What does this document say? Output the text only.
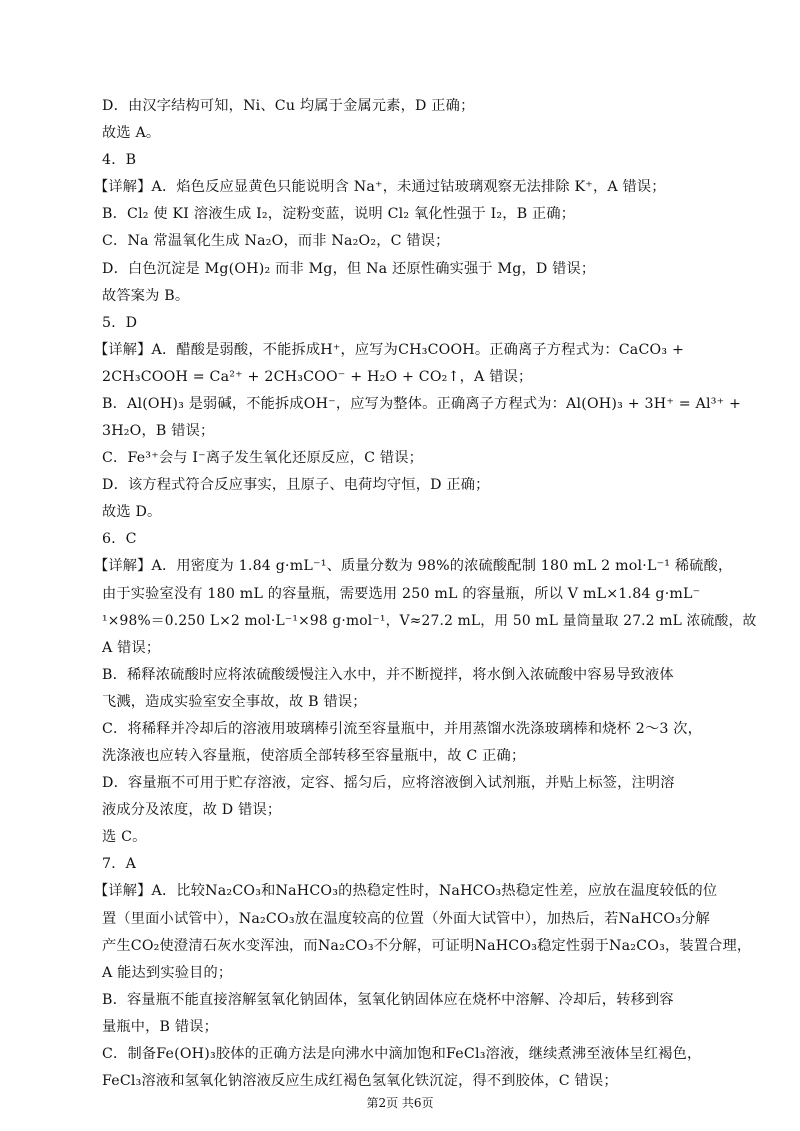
D．由汉字结构可知，Ni、Cu 均属于金属元素，D 正确；
故选 A。
4．B
【详解】A．焰色反应显黄色只能说明含 Na⁺，未通过钴玻璃观察无法排除 K⁺，A 错误；
B．Cl₂ 使 KI 溶液生成 I₂，淀粉变蓝，说明 Cl₂ 氧化性强于 I₂，B 正确；
C．Na 常温氧化生成 Na₂O，而非 Na₂O₂，C 错误；
D．白色沉淀是 Mg(OH)₂ 而非 Mg，但 Na 还原性确实强于 Mg，D 错误；
故答案为 B。
5．D
【详解】A．醋酸是弱酸，不能拆成H⁺，应写为CH₃COOH。正确离子方程式为：CaCO₃ +
2CH₃COOH = Ca²⁺ + 2CH₃COO⁻ + H₂O + CO₂↑，A 错误；
B．Al(OH)₃ 是弱碱，不能拆成OH⁻，应写为整体。正确离子方程式为：Al(OH)₃ + 3H⁺ = Al³⁺ +
3H₂O，B 错误；
C．Fe³⁺会与 I⁻离子发生氧化还原反应，C 错误；
D．该方程式符合反应事实，且原子、电荷均守恒，D 正确；
故选 D。
6．C
【详解】A．用密度为 1.84 g·mL⁻¹、质量分数为 98%的浓硫酸配制 180 mL 2 mol·L⁻¹ 稀硫酸，
由于实验室没有 180 mL 的容量瓶，需要选用 250 mL 的容量瓶，所以 V mL×1.84 g·mL⁻
¹×98%＝0.250 L×2 mol·L⁻¹×98 g·mol⁻¹，V≈27.2 mL，用 50 mL 量筒量取 27.2 mL 浓硫酸，故
A 错误；
B．稀释浓硫酸时应将浓硫酸缓慢注入水中，并不断搅拌，将水倒入浓硫酸中容易导致液体
飞溅，造成实验室安全事故，故 B 错误；
C．将稀释并冷却后的溶液用玻璃棒引流至容量瓶中，并用蒸馏水洗涤玻璃棒和烧杯 2～3 次，
洗涤液也应转入容量瓶，使溶质全部转移至容量瓶中，故 C 正确；
D．容量瓶不可用于贮存溶液，定容、摇匀后，应将溶液倒入试剂瓶，并贴上标签，注明溶
液成分及浓度，故 D 错误；
选 C。
7．A
【详解】A．比较Na₂CO₃和NaHCO₃的热稳定性时，NaHCO₃热稳定性差，应放在温度较低的位
置（里面小试管中），Na₂CO₃放在温度较高的位置（外面大试管中），加热后，若NaHCO₃分解
产生CO₂使澄清石灰水变浑浊，而Na₂CO₃不分解，可证明NaHCO₃稳定性弱于Na₂CO₃，装置合理，
A 能达到实验目的；
B．容量瓶不能直接溶解氢氧化钠固体，氢氧化钠固体应在烧杯中溶解、冷却后，转移到容
量瓶中，B 错误；
C．制备Fe(OH)₃胶体的正确方法是向沸水中滴加饱和FeCl₃溶液，继续煮沸至液体呈红褐色，
FeCl₃溶液和氢氧化钠溶液反应生成红褐色氢氧化铁沉淀，得不到胶体，C 错误；
第2页 共6页
